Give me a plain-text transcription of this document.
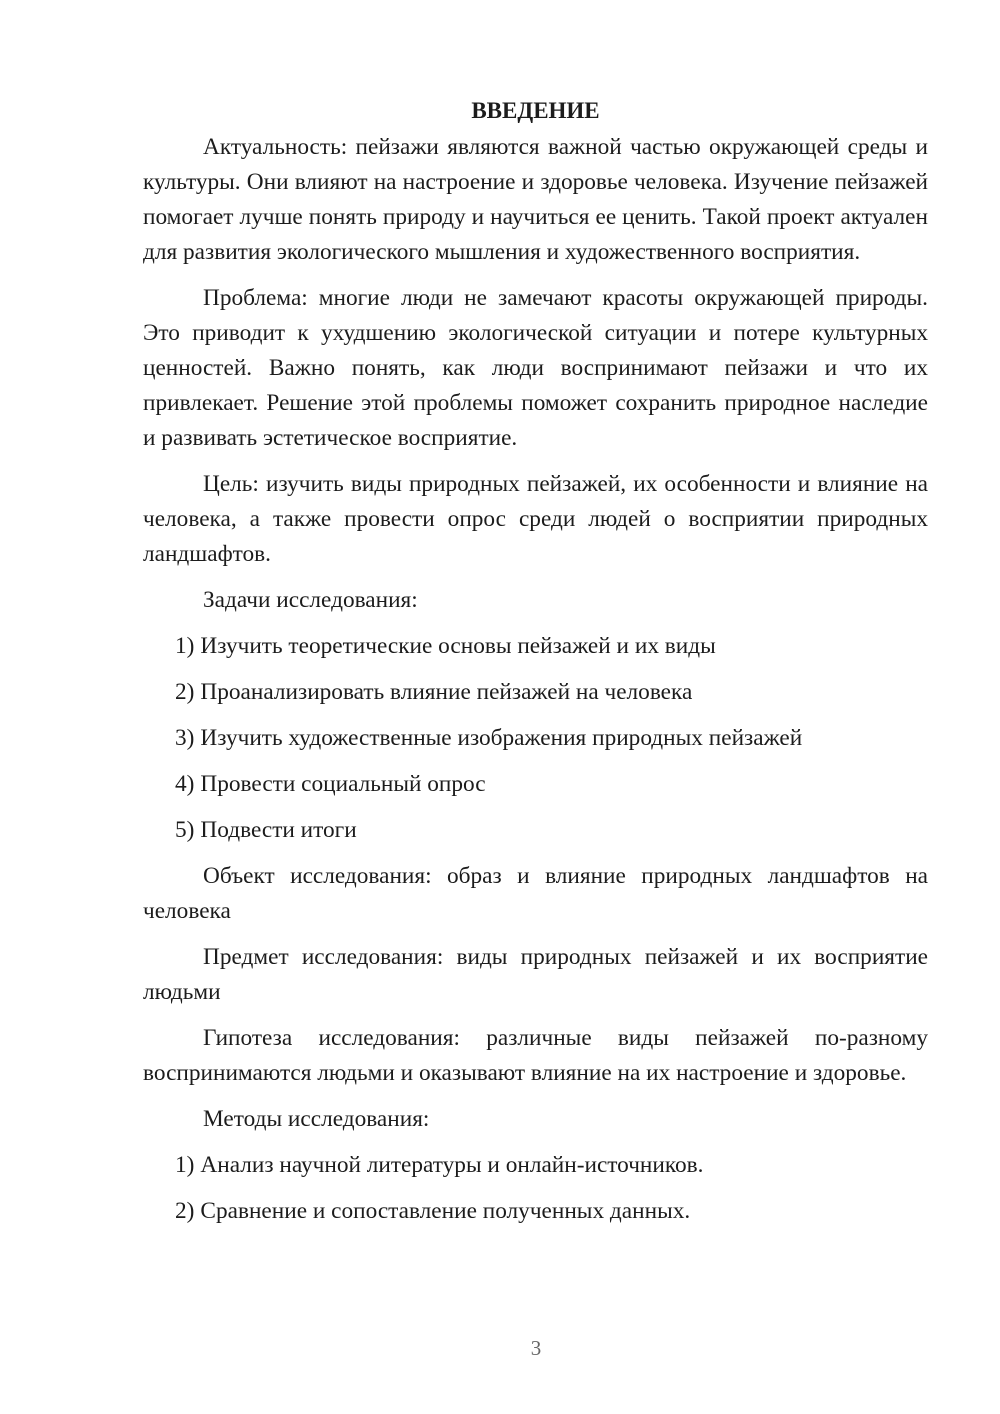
ВВЕДЕНИЕ

Актуальность: пейзажи являются важной частью окружающей среды и культуры. Они влияют на настроение и здоровье человека. Изучение пейзажей помогает лучше понять природу и научиться ее ценить. Такой проект актуален для развития экологического мышления и художественного восприятия.

Проблема: многие люди не замечают красоты окружающей природы. Это приводит к ухудшению экологической ситуации и потере культурных ценностей. Важно понять, как люди воспринимают пейзажи и что их привлекает. Решение этой проблемы поможет сохранить природное наследие и развивать эстетическое восприятие.

Цель: изучить виды природных пейзажей, их особенности и влияние на человека, а также провести опрос среди людей о восприятии природных ландшафтов.

Задачи исследования:

1) Изучить теоретические основы пейзажей и их виды
2) Проанализировать влияние пейзажей на человека
3) Изучить художественные изображения природных пейзажей
4) Провести социальный опрос
5) Подвести итоги

Объект исследования: образ и влияние природных ландшафтов на человека

Предмет исследования: виды природных пейзажей и их восприятие людьми

Гипотеза исследования: различные виды пейзажей по-разному воспринимаются людьми и оказывают влияние на их настроение и здоровье.

Методы исследования:

1) Анализ научной литературы и онлайн-источников.
2) Сравнение и сопоставление полученных данных.
3
